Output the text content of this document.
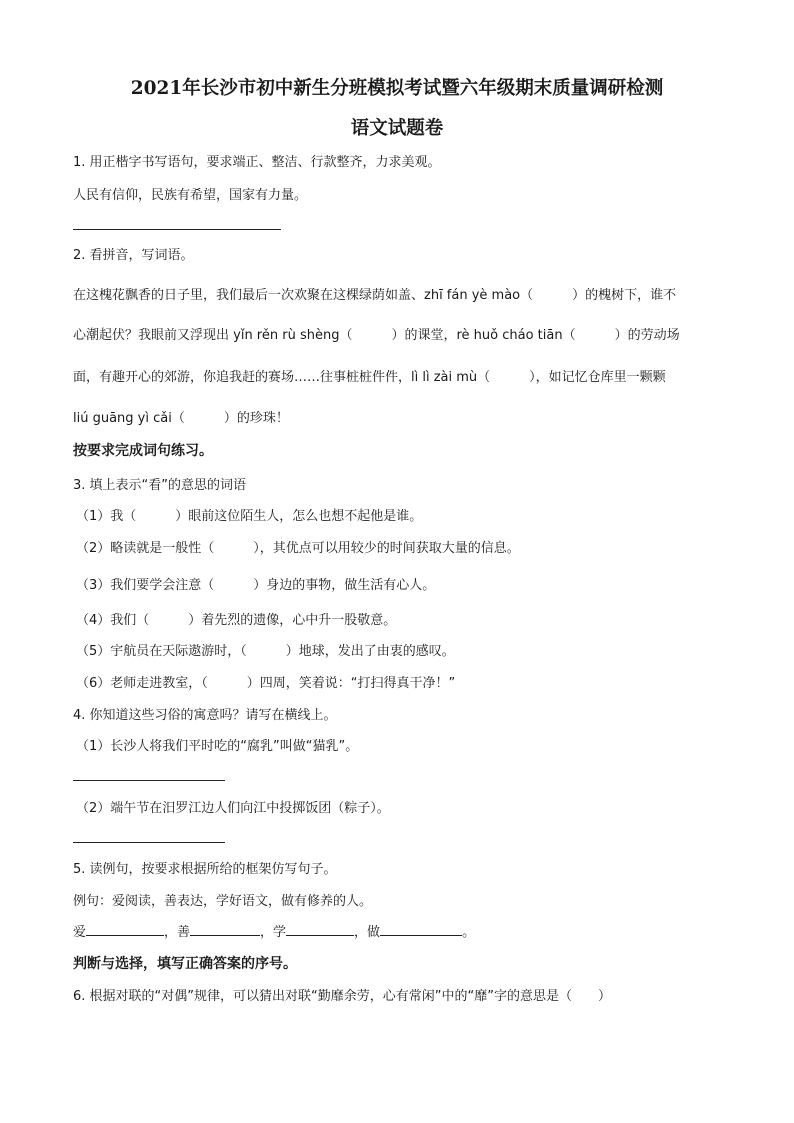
2021年长沙市初中新生分班模拟考试暨六年级期末质量调研检测
语文试题卷
1. 用正楷字书写语句，要求端正、整洁、行款整齐，力求美观。
人民有信仰，民族有希望，国家有力量。
2. 看拼音，写词语。
在这槐花飘香的日子里，我们最后一次欢聚在这棵绿荫如盖、zhī fán yè mào（　　　）的槐树下，谁不
心潮起伏？我眼前又浮现出 yǐn rěn rù shèng（　　　）的课堂，rè huǒ cháo tiān（　　　）的劳动场
面，有趣开心的郊游，你追我赶的赛场……往事桩桩件件，lì lì zài mù（　　　），如记忆仓库里一颗颗
liú guāng yì cǎi（　　　）的珍珠！
按要求完成词句练习。
3. 填上表示“看”的意思的词语
（1）我（　　　）眼前这位陌生人，怎么也想不起他是谁。
（2）略读就是一般性（　　　），其优点可以用较少的时间获取大量的信息。
（3）我们要学会注意（　　　）身边的事物，做生活有心人。
（4）我们（　　　）着先烈的遗像，心中升一股敬意。
（5）宇航员在天际遨游时，（　　　）地球，发出了由衷的感叹。
（6）老师走进教室，（　　　）四周，笑着说：“打扫得真干净！”
4. 你知道这些习俗的寓意吗？请写在横线上。
（1）长沙人将我们平时吃的“腐乳”叫做“猫乳”。
（2）端午节在汨罗江边人们向江中投掷饭团（粽子）。
5. 读例句，按要求根据所给的框架仿写句子。
例句：爱阅读，善表达，学好语文，做有修养的人。
爱	，善	，学	，做	。
判断与选择，填写正确答案的序号。
6. 根据对联的“对偶”规律，可以猜出对联“勤靡余劳，心有常闲”中的“靡”字的意思是（　　）
